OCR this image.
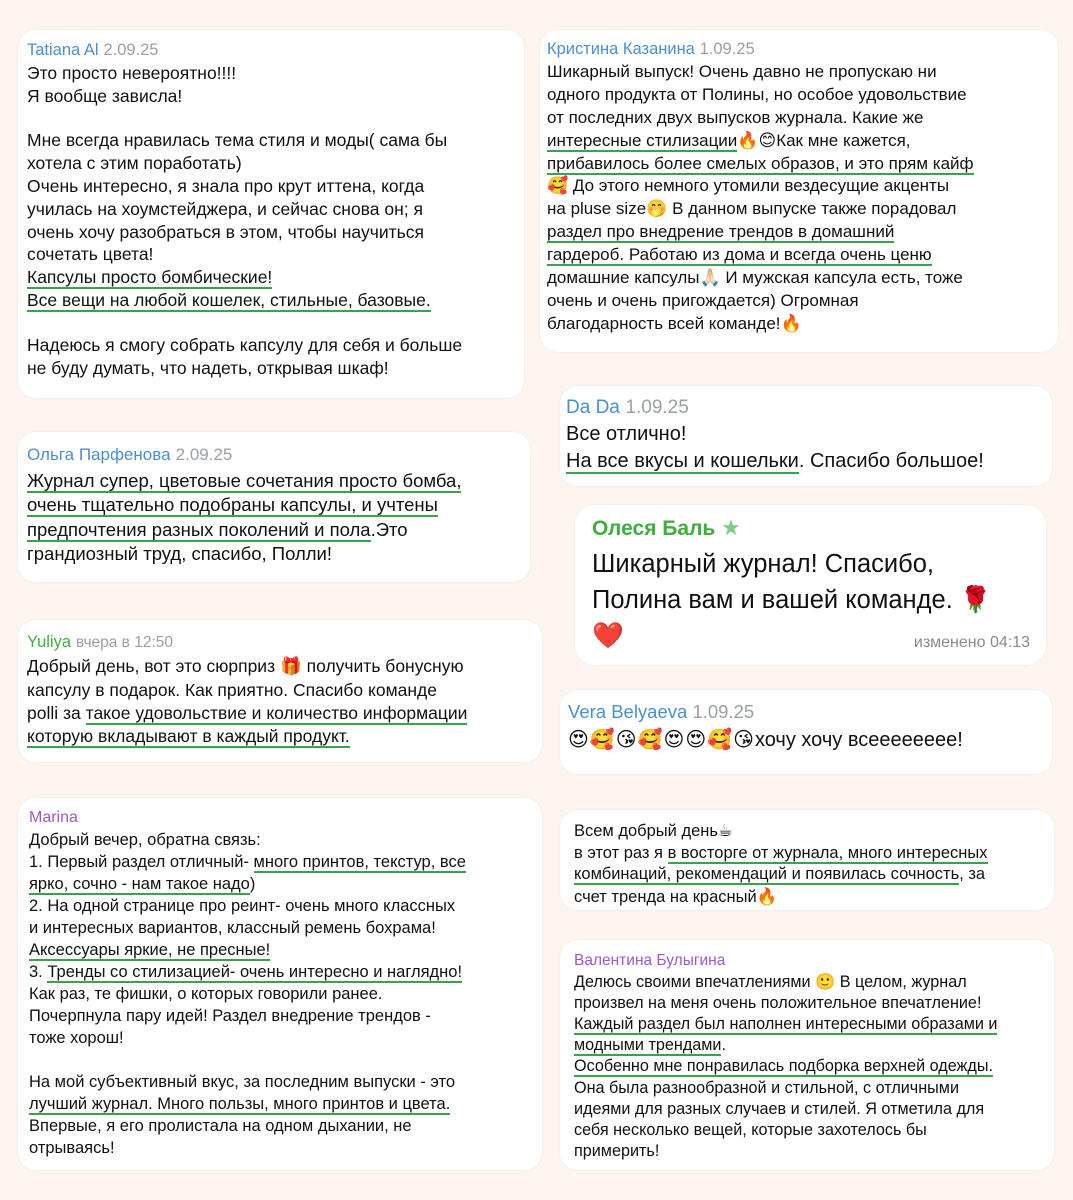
Tatiana Al 2.09.25
Это просто невероятно!!!!
Я вообще зависла!
Мне всегда нравилась тема стиля и моды( сама бы
хотела с этим поработать)
Очень интересно, я знала про крут иттена, когда
училась на хоумстейджера, и сейчас снова он; я
очень хочу разобраться в этом, чтобы научиться
сочетать цвета!
Капсулы просто бомбические!
Все вещи на любой кошелек, стильные, базовые.
Надеюсь я смогу собрать капсулу для себя и больше
не буду думать, что надеть, открывая шкаф!
Ольга Парфенова 2.09.25
Журнал супер, цветовые сочетания просто бомба,
очень тщательно подобраны капсулы, и учтены
предпочтения разных поколений и пола.Это
грандиозный труд, спасибо, Полли!
Yuliya вчера в 12:50
Добрый день, вот это сюрприз 🎁 получить бонусную
капсулу в подарок. Как приятно. Спасибо команде
polli за такое удовольствие и количество информации
которую вкладывают в каждый продукт.
Marina
Добрый вечер, обратна связь:
1. Первый раздел отличный- много принтов, текстур, все
ярко, сочно - нам такое надо)
2. На одной странице про реинт- очень много классных
и интересных вариантов, классный ремень бохрама!
Аксессуары яркие, не пресные!
3. Тренды со стилизацией- очень интересно и наглядно!
Как раз, те фишки, о которых говорили ранее.
Почерпнула пару идей! Раздел внедрение трендов -
тоже хорош!
На мой субъективный вкус, за последним выпуски - это
лучший журнал. Много пользы, много принтов и цвета.
Впервые, я его пролистала на одном дыхании, не
отрываясь!
Кристина Казанина 1.09.25
Шикарный выпуск! Очень давно не пропускаю ни
одного продукта от Полины, но особое удовольствие
от последних двух выпусков журнала. Какие же
интересные стилизации🔥😊Как мне кажется,
прибавилось более смелых образов, и это прям кайф
🥰 До этого немного утомили вездесущие акценты
на pluse size🤭 В данном выпуске также порадовал
раздел про внедрение трендов в домашний
гардероб. Работаю из дома и всегда очень ценю
домашние капсулы🙏🏻 И мужская капсула есть, тоже
очень и очень пригождается) Огромная
благодарность всей команде!🔥
Da Da 1.09.25
Все отлично!
На все вкусы и кошельки. Спасибо большое!
Олеся Баль ★
Шикарный журнал! Спасибо,
Полина вам и вашей команде. 🌹
❤️	изменено 04:13
Vera Belyaeva 1.09.25
😍🥰😘🥰😍😍🥰😘хочу хочу всееееееее!
Всем добрый день☕
в этот раз я в восторге от журнала, много интересных
комбинаций, рекомендаций и появилась сочность, за
счет тренда на красный🔥
Валентина Булыгина
Делюсь своими впечатлениями 🙂 В целом, журнал
произвел на меня очень положительное впечатление!
Каждый раздел был наполнен интересными образами и
модными трендами.
Особенно мне понравилась подборка верхней одежды.
Она была разнообразной и стильной, с отличными
идеями для разных случаев и стилей. Я отметила для
себя несколько вещей, которые захотелось бы
примерить!
